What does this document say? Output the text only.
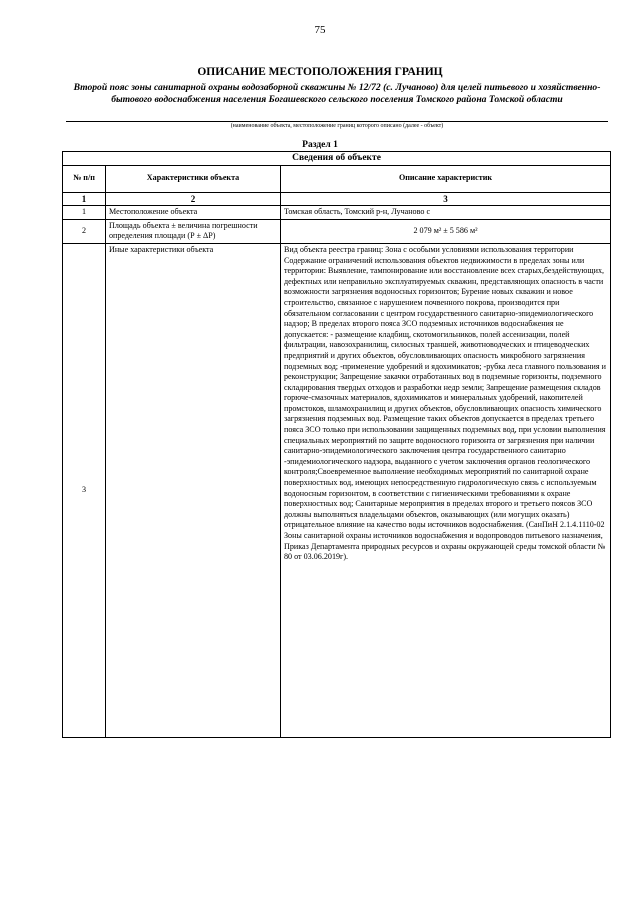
75
ОПИСАНИЕ МЕСТОПОЛОЖЕНИЯ ГРАНИЦ
Второй пояс зоны санитарной охраны водозаборной скважины № 12/72 (с. Лучаново) для целей питьевого и хозяйственно-бытового водоснабжения населения Богашевского сельского поселения Томского района Томской области
(наименование объекта, местоположение границ которого описано (далее - объект)
Раздел 1
Сведения об объекте		
№ п/п	Характеристики объекта	Описание характеристик
1	2	3
1	Местоположение объекта	Томская область, Томский р-н, Лучаново с
2	Площадь объекта ± величина погрешности определения площади (Р ± ΔР)	2 079 м² ± 5 586 м²
3	Иные характеристики объекта	Вид объекта реестра границ: Зона с особыми условиями использования территории
Содержание ограничений использования объектов недвижимости в пределах зоны или территории: Выявление, тампонирование или восстановление всех старых,бездействующих, дефектных или неправильно эксплуатируемых скважин, представляющих опасность в части возможности загрязнения водоносных горизонтов; Бурение новых скважин и новое строительство, связанное с нарушением почвенного покрова, производится при обязательном согласовании с центром государственного санитарно-эпидемиологического надзор; В пределах второго пояса ЗСО подземных источников водоснабжения не допускается: - размещение кладбищ, скотомогильников, полей ассенизации, полей фильтрации, навозохранилищ, силосных траншей, животноводческих и птицеводческих предприятий и других объектов, обусловливающих опасность микробного загрязнения подземных вод; -применение удобрений и ядохимикатов; -рубка леса главного пользования и реконструкции; Запрещение закачки отработанных вод в подземные горизонты, подземного складирования твердых отходов и разработки недр земли; Запрещение размещения складов горюче-смазочных материалов, ядохимикатов и минеральных удобрений, накопителей промстоков, шламохранилищ и других объектов, обусловливающих опасность химического загрязнения подземных вод. Размещение таких объектов допускается в пределах третьего пояса ЗСО только при использовании защищенных подземных вод, при условии выполнения специальных мероприятий по защите водоносного горизонта от загрязнения при наличии санитарно-эпидемиологического заключения центра государственного санитарно -эпидемиологического надзора, выданного с учетом заключения органов геологического контроля;Своевременное выполнение необходимых мероприятий по санитарной охране поверхностных вод, имеющих непосредственную гидрологическую связь с используемым водоносным горизонтом, в соответствии с гигиеническими требованиями к охране поверхностных вод; Санитарные мероприятия в пределах второго и третьего поясов ЗСО должны выполняться владельцами объектов, оказывающих (или могущих оказать) отрицательное влияние на качество воды источников водоснабжения. (СанПиН 2.1.4.1110-02 Зоны санитарной охраны источников водоснабжения и водопроводов питьевого назначения, Приказ Департамента природных ресурсов и охраны окружающей среды томской области № 80 от 03.06.2019г).
